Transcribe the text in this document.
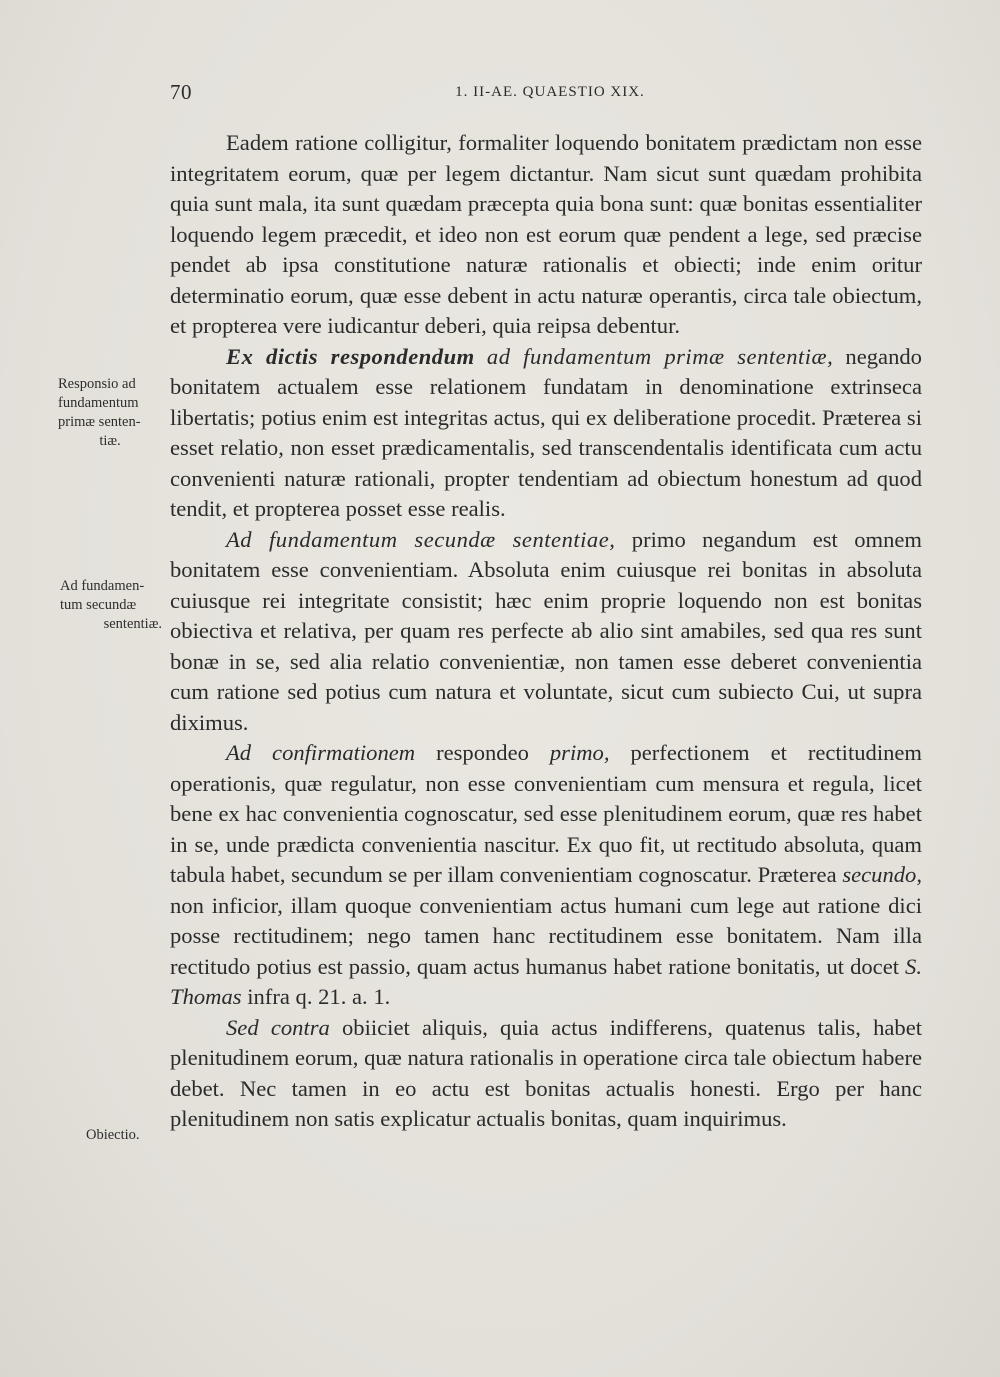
70	1. II-AE. QUAESTIO XIX.
Responsio ad
fundamentum
primæ senten-
tiæ.
Ad fundamen-
tum secundæ
sententiæ.
Obiectio.

Eadem ratione colligitur, formaliter loquendo bonitatem prædictam non esse integritatem eorum, quæ per legem dictantur. Nam sicut sunt quædam prohibita quia sunt mala, ita sunt quædam præcepta quia bona sunt: quæ bonitas essentialiter loquendo legem præcedit, et ideo non est eorum quæ pendent a lege, sed præcise pendet ab ipsa constitutione naturæ rationalis et obiecti; inde enim oritur determinatio eorum, quæ esse debent in actu naturæ operantis, circa tale obiectum, et propterea vere iudicantur deberi, quia reipsa debentur.

Ex dictis respondendum ad fundamentum primæ sententiæ, negando bonitatem actualem esse relationem fundatam in denominatione extrinseca libertatis; potius enim est integritas actus, qui ex deliberatione procedit. Præterea si esset relatio, non esset prædicamentalis, sed transcendentalis identificata cum actu convenienti naturæ rationali, propter tendentiam ad obiectum honestum ad quod tendit, et propterea posset esse realis.

Ad fundamentum secundæ sententiae, primo negandum est omnem bonitatem esse convenientiam. Absoluta enim cuiusque rei bonitas in absoluta cuiusque rei integritate consistit; hæc enim proprie loquendo non est bonitas obiectiva et relativa, per quam res perfecte ab alio sint amabiles, sed qua res sunt bonæ in se, sed alia relatio convenientiæ, non tamen esse deberet convenientia cum ratione sed potius cum natura et voluntate, sicut cum subiecto Cui, ut supra diximus.

Ad confirmationem respondeo primo, perfectionem et rectitudinem operationis, quæ regulatur, non esse convenientiam cum mensura et regula, licet bene ex hac convenientia cognoscatur, sed esse plenitudinem eorum, quæ res habet in se, unde prædicta convenientia nascitur. Ex quo fit, ut rectitudo absoluta, quam tabula habet, secundum se per illam convenientiam cognoscatur. Præterea secundo, non inficior, illam quoque convenientiam actus humani cum lege aut ratione dici posse rectitudinem; nego tamen hanc rectitudinem esse bonitatem. Nam illa rectitudo potius est passio, quam actus humanus habet ratione bonitatis, ut docet S. Thomas infra q. 21. a. 1.

Sed contra obiiciet aliquis, quia actus indifferens, quatenus talis, habet plenitudinem eorum, quæ natura rationalis in operatione circa tale obiectum habere debet. Nec tamen in eo actu est bonitas actualis honesti. Ergo per hanc plenitudinem non satis explicatur actualis bonitas, quam inquirimus.
